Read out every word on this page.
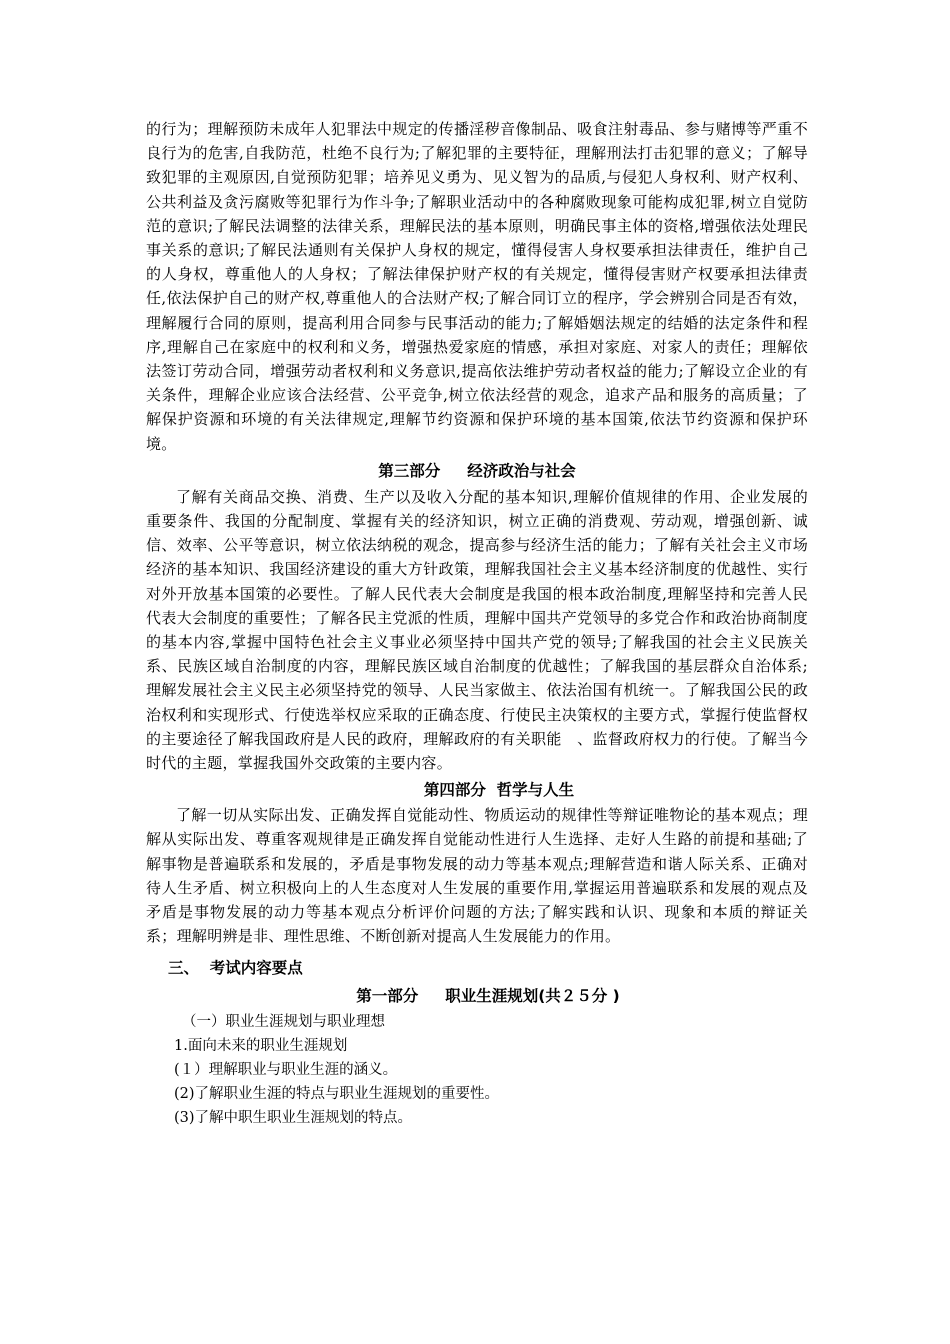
的行为；理解预防未成年人犯罪法中规定的传播淫秽音像制品、吸食注射毒品、参与赌博等严重不良行为的危害,自我防范，杜绝不良行为;了解犯罪的主要特征，理解刑法打击犯罪的意义；了解导致犯罪的主观原因,自觉预防犯罪；培养见义勇为、见义智为的品质,与侵犯人身权利、财产权利、公共利益及贪污腐败等犯罪行为作斗争;了解职业活动中的各种腐败现象可能构成犯罪,树立自觉防范的意识;了解民法调整的法律关系，理解民法的基本原则，明确民事主体的资格,增强依法处理民事关系的意识;了解民法通则有关保护人身权的规定，懂得侵害人身权要承担法律责任，维护自己的人身权，尊重他人的人身权；了解法律保护财产权的有关规定，懂得侵害财产权要承担法律责任,依法保护自己的财产权,尊重他人的合法财产权;了解合同订立的程序，学会辨别合同是否有效，理解履行合同的原则，提高利用合同参与民事活动的能力;了解婚姻法规定的结婚的法定条件和程序,理解自己在家庭中的权利和义务，增强热爱家庭的情感，承担对家庭、对家人的责任；理解依法签订劳动合同，增强劳动者权利和义务意识,提高依法维护劳动者权益的能力;了解设立企业的有关条件，理解企业应该合法经营、公平竞争,树立依法经营的观念，追求产品和服务的高质量；了解保护资源和环境的有关法律规定,理解节约资源和保护环境的基本国策,依法节约资源和保护环境。

第三部分     经济政治与社会

了解有关商品交换、消费、生产以及收入分配的基本知识,理解价值规律的作用、企业发展的重要条件、我国的分配制度、掌握有关的经济知识，树立正确的消费观、劳动观，增强创新、诚信、效率、公平等意识，树立依法纳税的观念，提高参与经济生活的能力；了解有关社会主义市场经济的基本知识、我国经济建设的重大方针政策，理解我国社会主义基本经济制度的优越性、实行对外开放基本国策的必要性。了解人民代表大会制度是我国的根本政治制度,理解坚持和完善人民代表大会制度的重要性；了解各民主党派的性质，理解中国共产党领导的多党合作和政治协商制度的基本内容,掌握中国特色社会主义事业必须坚持中国共产党的领导;了解我国的社会主义民族关系、民族区域自治制度的内容，理解民族区域自治制度的优越性；了解我国的基层群众自治体系;理解发展社会主义民主必须坚持党的领导、人民当家做主、依法治国有机统一。了解我国公民的政治权利和实现形式、行使选举权应采取的正确态度、行使民主决策权的主要方式，掌握行使监督权的主要途径了解我国政府是人民的政府，理解政府的有关职能　、监督政府权力的行使。了解当今时代的主题，掌握我国外交政策的主要内容。

第四部分  哲学与人生

了解一切从实际出发、正确发挥自觉能动性、物质运动的规律性等辩证唯物论的基本观点；理解从实际出发、尊重客观规律是正确发挥自觉能动性进行人生选择、走好人生路的前提和基础;了解事物是普遍联系和发展的，矛盾是事物发展的动力等基本观点;理解营造和谐人际关系、正确对待人生矛盾、树立积极向上的人生态度对人生发展的重要作用,掌握运用普遍联系和发展的观点及矛盾是事物发展的动力等基本观点分析评价问题的方法;了解实践和认识、现象和本质的辩证关系；理解明辨是非、理性思维、不断创新对提高人生发展能力的作用。

三、  考试内容要点

第一部分     职业生涯规划(共２５分 )

（一）职业生涯规划与职业理想

1.面向未来的职业生涯规划

(１）理解职业与职业生涯的涵义。

(2)了解职业生涯的特点与职业生涯规划的重要性。

(3)了解中职生职业生涯规划的特点。
